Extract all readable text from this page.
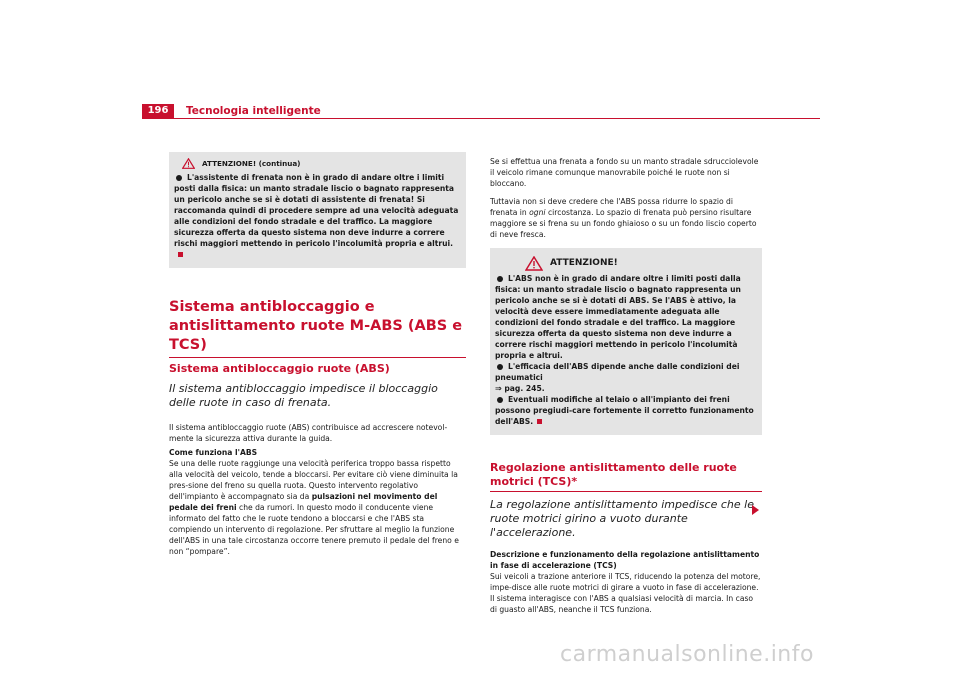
196	Tecnologia intelligente
ATTENZIONE! (continua)

L'assistente di frenata non è in grado di andare oltre i limiti posti dalla fisica: un manto stradale liscio o bagnato rappresenta un pericolo anche se si è dotati di assistente di frenata! Si raccomanda quindi di procedere sempre ad una velocità adeguata alle condizioni del fondo stradale e del traffico. La maggiore sicurezza offerta da questo sistema non deve indurre a correre rischi maggiori mettendo in pericolo l'incolumità propria e altrui.

Sistema antibloccaggio e antislittamento ruote M-ABS (ABS e TCS)
Sistema antibloccaggio ruote (ABS)
Il sistema antibloccaggio impedisce il bloccaggio delle ruote in caso di frenata.

Il sistema antibloccaggio ruote (ABS) contribuisce ad accrescere notevol-mente la sicurezza attiva durante la guida.

Come funziona l'ABS

Se una delle ruote raggiunge una velocità periferica troppo bassa rispetto alla velocità del veicolo, tende a bloccarsi. Per evitare ciò viene diminuita la pres-sione del freno su quella ruota. Questo intervento regolativo dell'impianto è accompagnato sia da pulsazioni nel movimento del pedale dei freni che da rumori. In questo modo il conducente viene informato del fatto che le ruote tendono a bloccarsi e che l'ABS sta compiendo un intervento di regolazione. Per sfruttare al meglio la funzione dell'ABS in una tale circostanza occorre tenere premuto il pedale del freno e non “pompare”.

Se si effettua una frenata a fondo su un manto stradale sdrucciolevole il veicolo rimane comunque manovrabile poiché le ruote non si bloccano.

Tuttavia non si deve credere che l'ABS possa ridurre lo spazio di frenata in ogni circostanza. Lo spazio di frenata può persino risultare maggiore se si frena su un fondo ghiaioso o su un fondo liscio coperto di neve fresca.

ATTENZIONE!

L'ABS non è in grado di andare oltre i limiti posti dalla fisica: un manto stradale liscio o bagnato rappresenta un pericolo anche se si è dotati di ABS. Se l'ABS è attivo, la velocità deve essere immediatamente adeguata alle condizioni del fondo stradale e del traffico. La maggiore sicurezza offerta da questo sistema non deve indurre a correre rischi maggiori mettendo in pericolo l'incolumità propria e altrui.

L'efficacia dell'ABS dipende anche dalle condizioni dei pneumatici
⇒ pag. 245.

Eventuali modifiche al telaio o all'impianto dei freni possono pregiudi-care fortemente il corretto funzionamento dell'ABS.

Regolazione antislittamento delle ruote motrici (TCS)*
La regolazione antislittamento impedisce che le ruote motrici girino a vuoto durante l'accelerazione.

Descrizione e funzionamento della regolazione antislittamento in fase di accelerazione (TCS)

Sui veicoli a trazione anteriore il TCS, riducendo la potenza del motore, impe-disce alle ruote motrici di girare a vuoto in fase di accelerazione. Il sistema interagisce con l'ABS a qualsiasi velocità di marcia. In caso di guasto all'ABS, neanche il TCS funziona.

carmanualsonline.info
